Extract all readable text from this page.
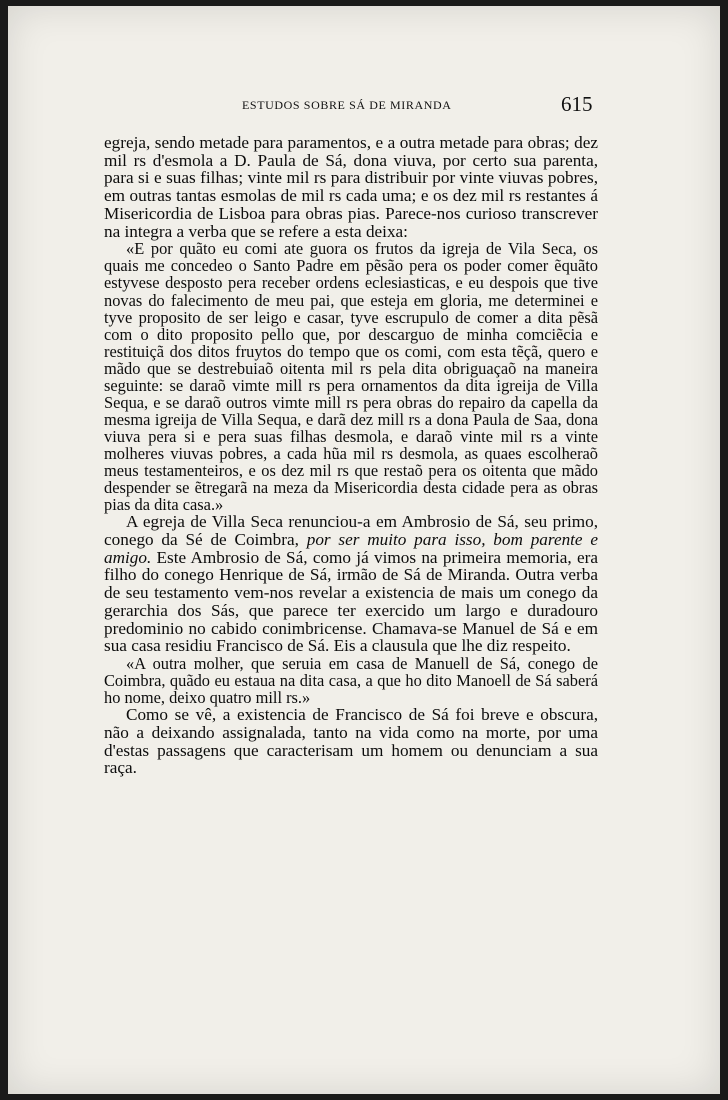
ESTUDOS SOBRE SÁ DE MIRANDA	615

egreja, sendo metade para paramentos, e a outra metade para obras; dez mil rs d'esmola a D. Paula de Sá, dona viuva, por certo sua parenta, para si e suas filhas; vinte mil rs para distribuir por vinte viuvas pobres, em outras tantas esmolas de mil rs cada uma; e os dez mil rs restantes á Misericordia de Lisboa para obras pias. Parece-nos curioso transcrever na integra a verba que se refere a esta deixa:

«E por quãto eu comi ate guora os frutos da igreja de Vila Seca, os quais me concedeo o Santo Padre em pẽsão pera os poder comer ẽquãto estyvese desposto pera receber ordens eclesiasticas, e eu despois que tive novas do falecimento de meu pai, que esteja em gloria, me determinei e tyve proposito de ser leigo e casar, tyve escrupulo de comer a dita pẽsã com o dito proposito pello que, por descarguo de minha comciẽcia e restituiçã dos ditos fruytos do tempo que os comi, com esta tẽçã, quero e mãdo que se destrebuiaõ oitenta mil rs pela dita obriguaçaõ na maneira seguinte: se daraõ vimte mill rs pera ornamentos da dita igreija de Villa Sequa, e se daraõ outros vimte mill rs pera obras do repairo da capella da mesma igreija de Villa Sequa, e darã dez mill rs a dona Paula de Saa, dona viuva pera si e pera suas filhas desmola, e daraõ vinte mil rs a vinte molheres viuvas pobres, a cada hũa mil rs desmola, as quaes escolheraõ meus testamenteiros, e os dez mil rs que restaõ pera os oitenta que mãdo despender se ẽtregarã na meza da Misericordia desta cidade pera as obras pias da dita casa.»

A egreja de Villa Seca renunciou-a em Ambrosio de Sá, seu primo, conego da Sé de Coimbra, por ser muito para isso, bom parente e amigo. Este Ambrosio de Sá, como já vimos na primeira memoria, era filho do conego Henrique de Sá, irmão de Sá de Miranda. Outra verba de seu testamento vem-nos revelar a existencia de mais um conego da gerarchia dos Sás, que parece ter exercido um largo e duradouro predominio no cabido conimbricense. Chamava-se Manuel de Sá e em sua casa residiu Francisco de Sá. Eis a clausula que lhe diz respeito.

«A outra molher, que seruia em casa de Manuell de Sá, conego de Coimbra, quãdo eu estaua na dita casa, a que ho dito Manoell de Sá saberá ho nome, deixo quatro mill rs.»

Como se vê, a existencia de Francisco de Sá foi breve e obscura, não a deixando assignalada, tanto na vida como na morte, por uma d'estas passagens que caracterisam um homem ou denunciam a sua raça.
